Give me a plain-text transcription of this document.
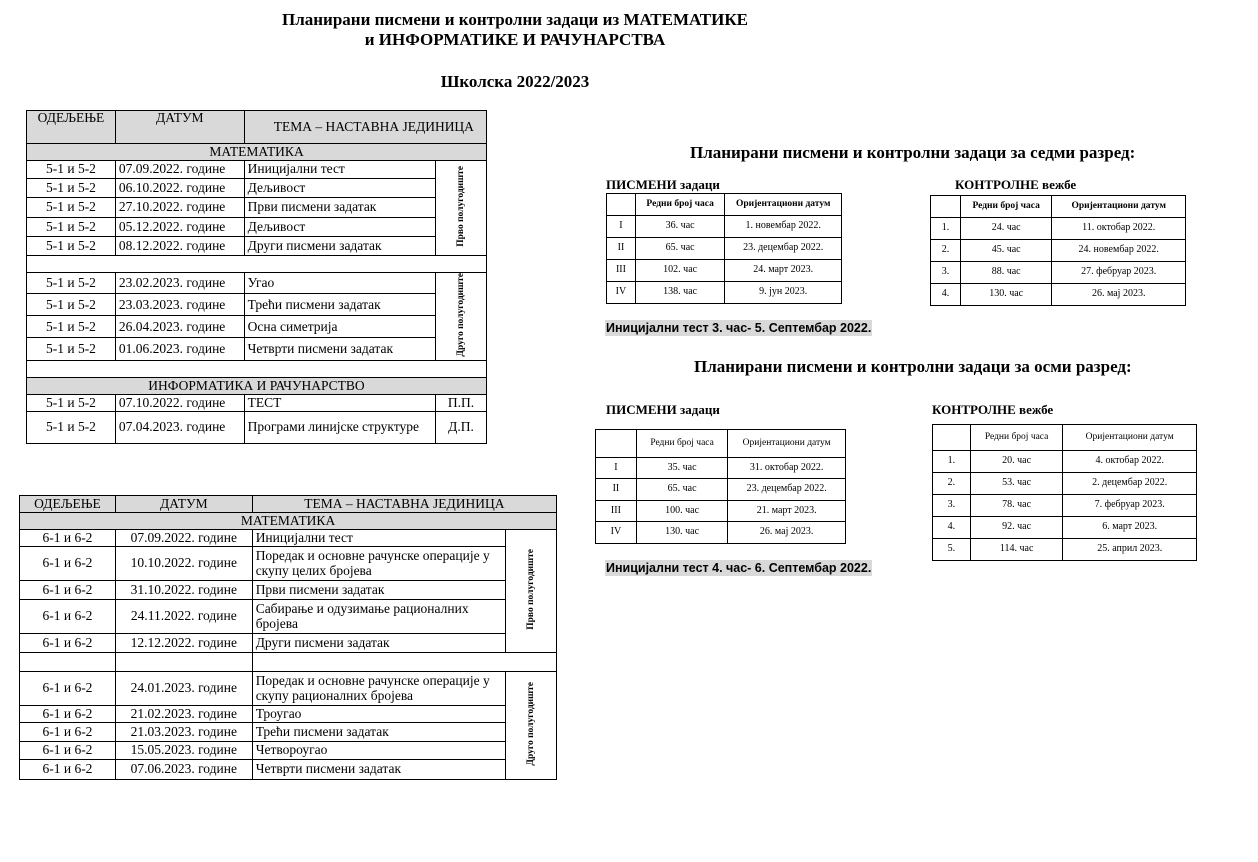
Планирани писмени и контролни задаци из МАТЕМАТИКЕ
и ИНФОРМАТИКЕ И РАЧУНАРСТВА
Школска 2022/2023
ОДЕЉЕЊЕ	ДАТУМ	ТЕМА – НАСТАВНА ЈЕДИНИЦА	
МАТЕМАТИКА			
5-1 и 5-2	07.09.2022. године	Иницијални тест	Прво полугодиште
5-1 и 5-2	06.10.2022. године	Дељивост	
5-1 и 5-2	27.10.2022. године	Први писмени задатак	
5-1 и 5-2	05.12.2022. године	Дељивост	
5-1 и 5-2	08.12.2022. године	Други писмени задатак	

5-1 и 5-2	23.02.2023. године	Угао	Друго полугодиште
5-1 и 5-2	23.03.2023. године	Трећи писмени задатак	
5-1 и 5-2	26.04.2023. године	Осна симетрија	
5-1 и 5-2	01.06.2023. године	Четврти писмени задатак	

ИНФОРМАТИКА И РАЧУНАРСТВО			
5-1 и 5-2	07.10.2022. године	ТЕСТ	П.П.
5-1 и 5-2	07.04.2023. године	Програми линијске структуре	Д.П.
ОДЕЉЕЊЕ	ДАТУМ	ТЕМА – НАСТАВНА ЈЕДИНИЦА	
МАТЕМАТИКА			
6-1 и 6-2	07.09.2022. године	Иницијални тест	Прво полугодиште
6-1 и 6-2	10.10.2022. године	Поредак и основне рачунске операције у скупу целих бројева	
6-1 и 6-2	31.10.2022. године	Први писмени задатак	
6-1 и 6-2	24.11.2022. године	Сабирање и одузимање рационалних бројева	
6-1 и 6-2	12.12.2022. године	Други писмени задатак	

6-1 и 6-2	24.01.2023. године	Поредак и основне рачунске операције у скупу рационалних бројева	Друго полугодиште
6-1 и 6-2	21.02.2023. године	Троугао	
6-1 и 6-2	21.03.2023. године	Трећи писмени задатак	
6-1 и 6-2	15.05.2023. године	Четвороугао	
6-1 и 6-2	07.06.2023. године	Четврти писмени задатак	
Планирани писмени и контролни задаци за седми разред:
ПИСМЕНИ задаци	КОНТРОЛНЕ вежбе
	Редни број часа	Оријентациони датум
I	36. час	1. новембар 2022.
II	65. час	23. децембар 2022.
III	102. час	24. март 2023.
IV	138. час	9. јун 2023.
	Редни број часа	Оријентациони датум
1.	24. час	11. октобар 2022.
2.	45. час	24. новембар 2022.
3.	88. час	27. фебруар 2023.
4.	130. час	26. мај 2023.
Иницијални тест 3. час- 5. Септембар 2022.
Планирани писмени и контролни задаци за осми разред:
ПИСМЕНИ задаци	КОНТРОЛНЕ вежбе
	Редни број часа	Оријентациони датум
I	35. час	31. октобар 2022.
II	65. час	23. децембар 2022.
III	100. час	21. март 2023.
IV	130. час	26. мај 2023.
	Редни број часа	Оријентациони датум
1.	20. час	4. октобар 2022.
2.	53. час	2. децембар 2022.
3.	78. час	7. фебруар 2023.
4.	92. час	6. март 2023.
5.	114. час	25. април 2023.
Иницијални тест 4. час- 6. Септембар 2022.
